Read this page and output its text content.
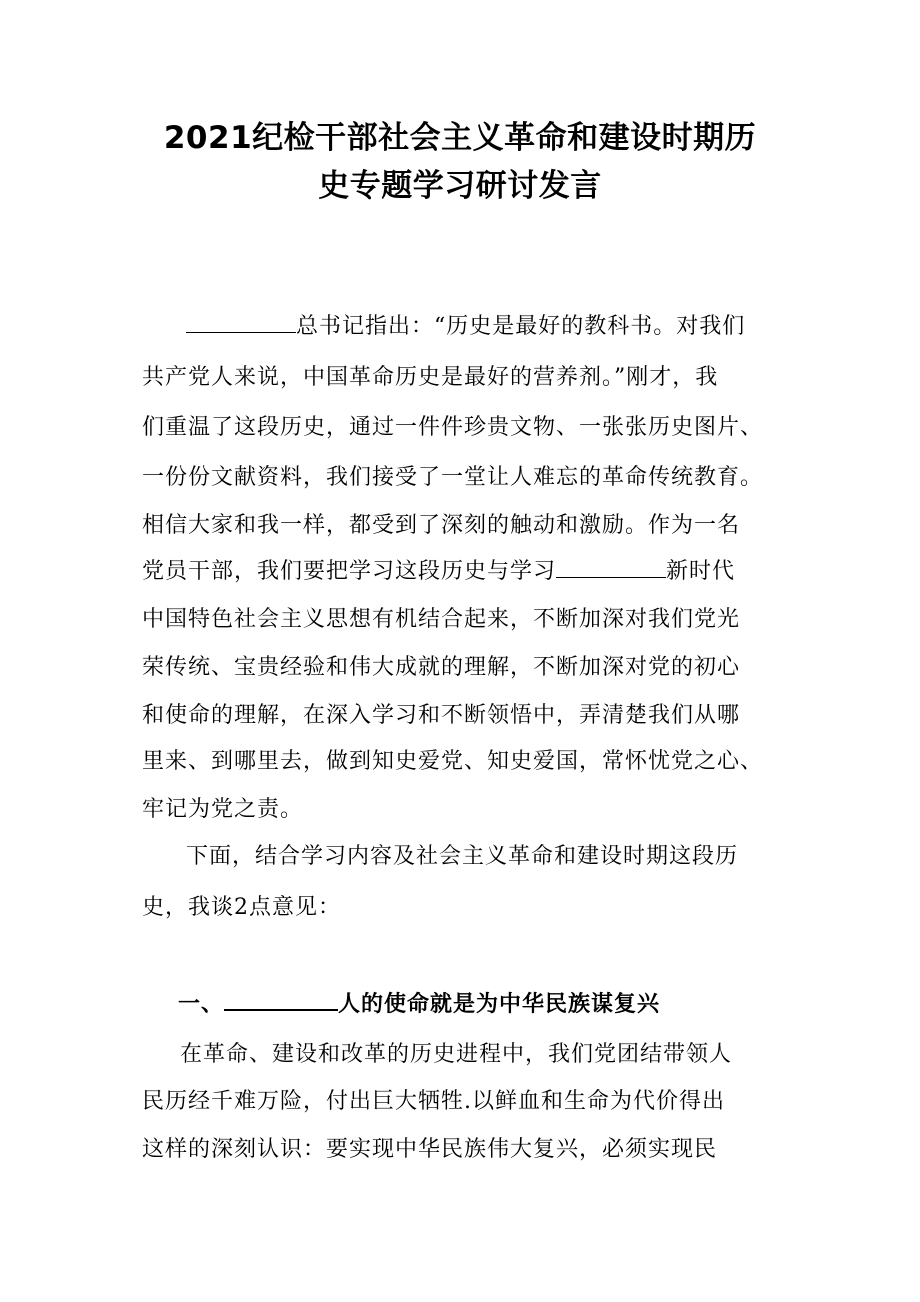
2021纪检干部社会主义革命和建设时期历
史专题学习研讨发言
总书记指出：“历史是最好的教科书。对我们
共产党人来说，中国革命历史是最好的营养剂。”刚才，我
们重温了这段历史，通过一件件珍贵文物、一张张历史图片、
一份份文献资料，我们接受了一堂让人难忘的革命传统教育。
相信大家和我一样，都受到了深刻的触动和激励。作为一名
党员干部，我们要把学习这段历史与学习	新时代
中国特色社会主义思想有机结合起来，不断加深对我们党光
荣传统、宝贵经验和伟大成就的理解，不断加深对党的初心
和使命的理解，在深入学习和不断领悟中，弄清楚我们从哪
里来、到哪里去，做到知史爱党、知史爱国，常怀忧党之心、
牢记为党之责。
下面，结合学习内容及社会主义革命和建设时期这段历
史，我谈2点意见：
一、	人的使命就是为中华民族谋复兴
在革命、建设和改革的历史进程中，我们党团结带领人
民历经千难万险，付出巨大牺牲.以鲜血和生命为代价得出
这样的深刻认识：要实现中华民族伟大复兴，必须实现民
